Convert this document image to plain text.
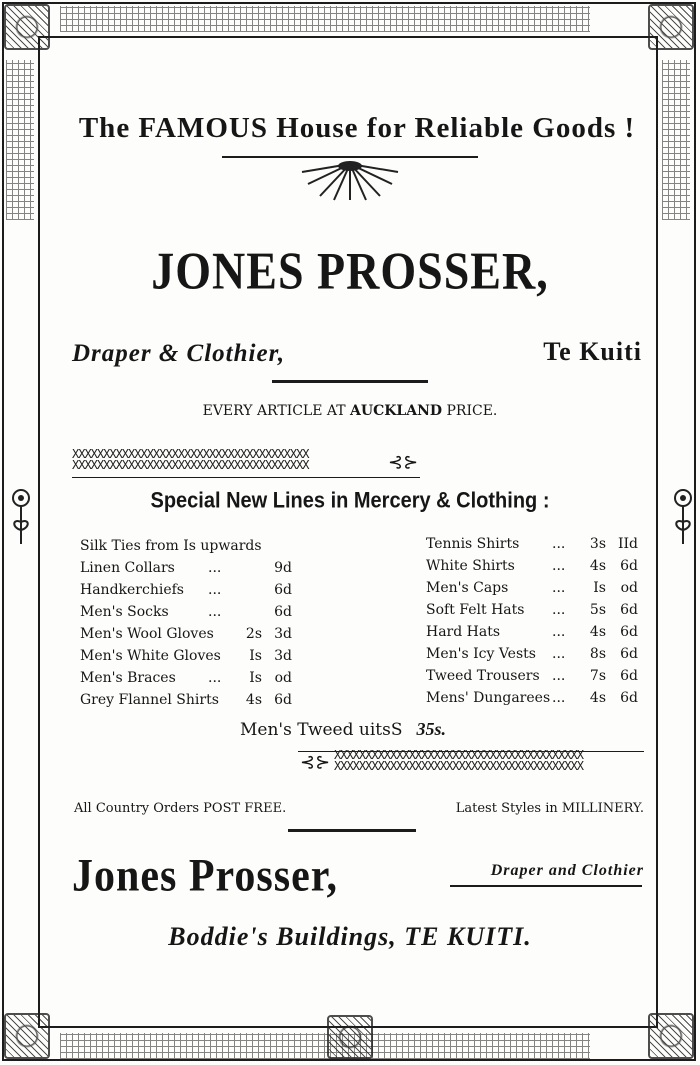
The FAMOUS House for Reliable Goods !
JONES PROSSER,
Draper & Clothier,	Te Kuiti
EVERY ARTICLE AT AUCKLAND PRICE.
XXXXXXXXXXXXXXXXXXXXXXXXXXXXXXXXXXXXXX
XXXXXXXXXXXXXXXXXXXXXXXXXXXXXXXXXXXXXX	⊰⊱
Special New Lines in Mercery & Clothing :
Silk Ties from Is upwards
Linen Collars ...	9d
Handkerchiefs ...	6d
Men's Socks	...	6d
Men's Wool Gloves	2s 3d
Men's White Gloves	Is 3d
Men's Braces ...	Is od
Grey Flannel Shirts	4s 6d
Tennis Shirts ...	3s IId
White Shirts	...	4s	6d
Men's Caps	...	Is	od
Soft Felt Hats ...	5s	6d
Hard Hats	...	4s	6d
Men's Icy Vests ...	8s	6d
Tweed Trousers ...	7s	6d
Mens' Dungarees ...	4s	6d
Men's Tweed uitsS 35s.
⊰⊱ XXXXXXXXXXXXXXXXXXXXXXXXXXXXXXXXXXXXXXXX
XXXXXXXXXXXXXXXXXXXXXXXXXXXXXXXXXXXXXXXX
All Country Orders POST FREE.	Latest Styles in MILLINERY.
Jones Prosser,	Draper and Clothier
Boddie's Buildings, TE KUITI.
